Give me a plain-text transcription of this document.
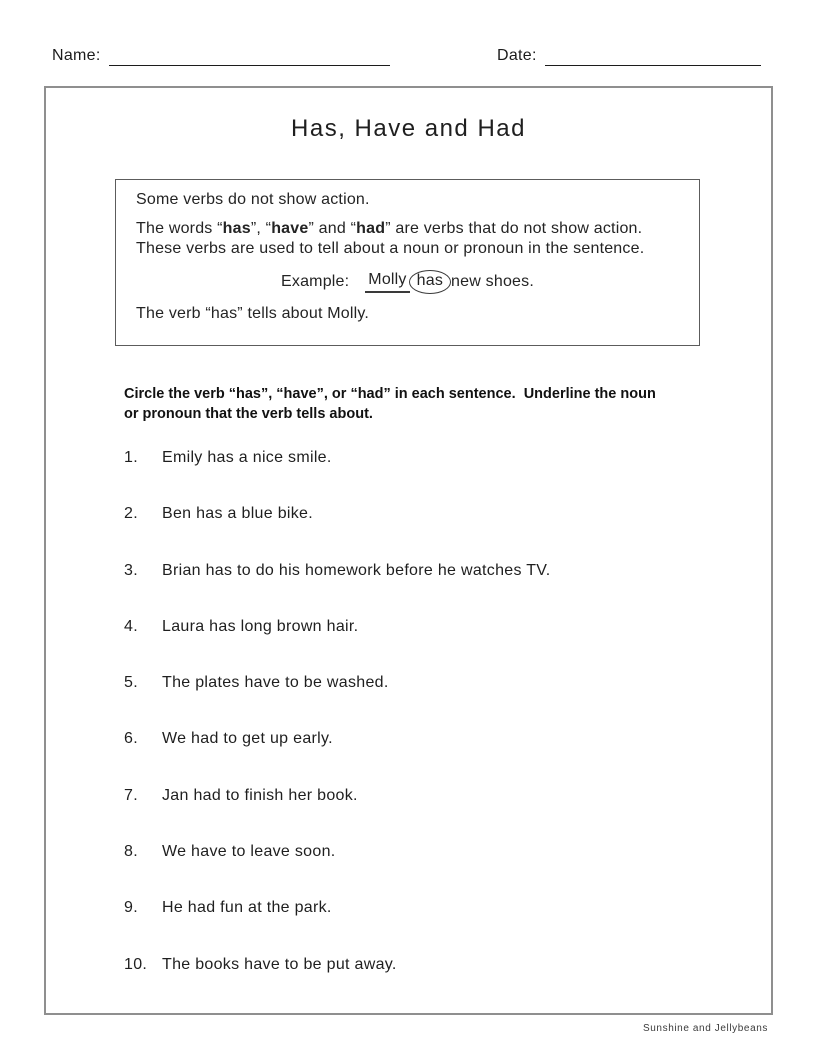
Name:	Date:
Has, Have and Had

Some verbs do not show action.

The words “has”, “have” and “had” are verbs that do not show action.
These verbs are used to tell about a noun or pronoun in the sentence.

Example: Molly has new shoes.

The verb “has” tells about Molly.

Circle the verb “has”, “have”, or “had” in each sentence.  Underline the noun
or pronoun that the verb tells about.

1.	Emily has a nice smile.
2.	Ben has a blue bike.
3.	Brian has to do his homework before he watches TV.
4.	Laura has long brown hair.
5.	The plates have to be washed.
6.	We had to get up early.
7.	Jan had to finish her book.
8.	We have to leave soon.
9.	He had fun at the park.
10. The books have to be put away.
Sunshine and Jellybeans
